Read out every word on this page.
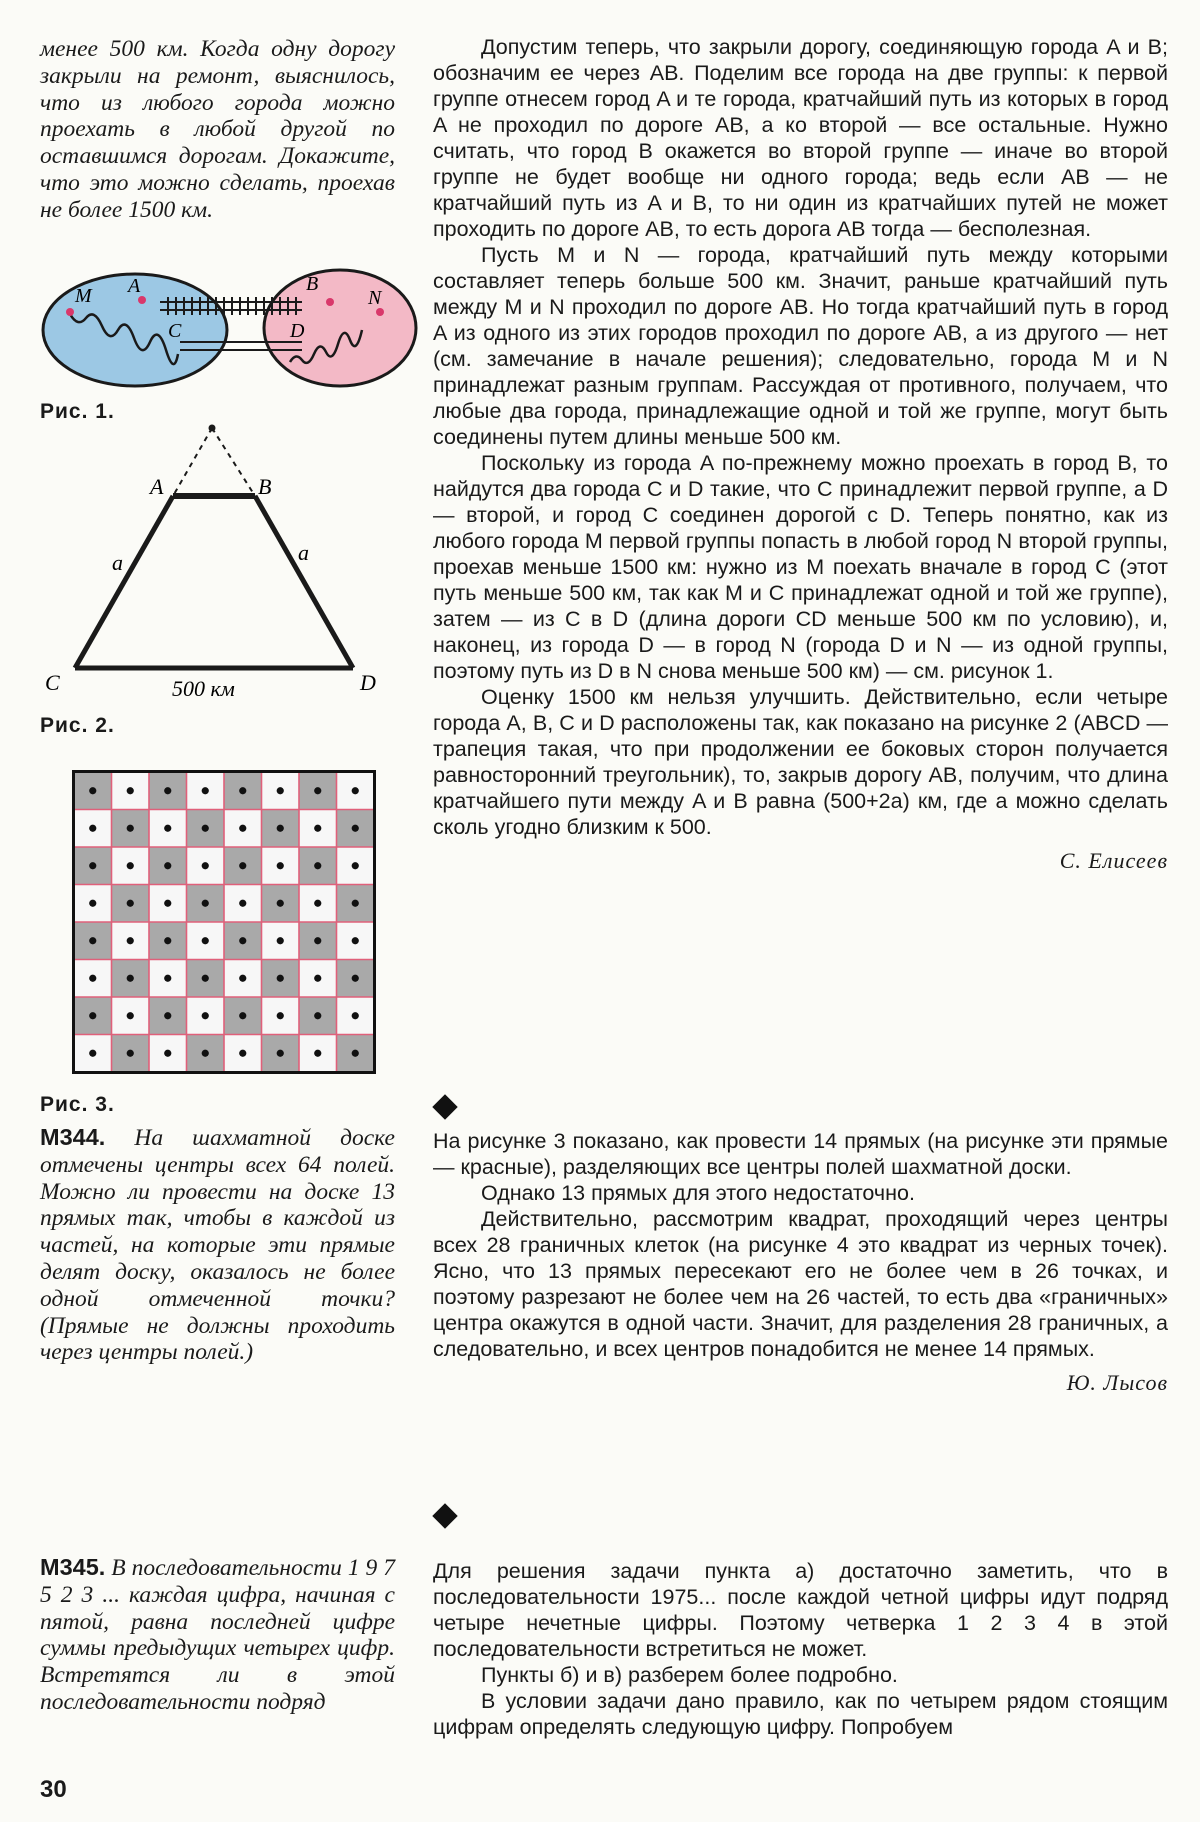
менее 500 км. Когда одну дорогу закрыли на ремонт, выяснилось, что из любого города можно проехать в любой другой по оставшимся дорогам. Докажите, что это можно сделать, проехав не более 1500 км.

M A
C
B
D
N
Рис. 1.
A	B
C	D
a	a
500 км
Рис. 2.
Рис. 3.

М344. На шахматной доске отмечены центры всех 64 полей. Можно ли провести на доске 13 прямых так, чтобы в каждой из частей, на которые эти прямые делят доску, оказалось не более одной отмеченной точки? (Прямые не должны проходить через центры полей.)

М345. В последовательности 1 9 7 5 2 3 ... каждая цифра, начиная с пятой, равна последней цифре суммы предыдущих четырех цифр. Встретятся ли в этой последовательности подряд

Допустим теперь, что закрыли дорогу, соединяющую города A и B; обозначим ее через AB. Поделим все города на две группы: к первой группе отнесем город A и те города, кратчайший путь из которых в город A не проходил по дороге AB, а ко второй — все остальные. Нужно считать, что город B окажется во второй группе — иначе во второй группе не будет вообще ни одного города; ведь если AB — не кратчайший путь из A и B, то ни один из кратчайших путей не может проходить по дороге AB, то есть дорога AB тогда — бесполезная.

Пусть M и N — города, кратчайший путь между которыми составляет теперь больше 500 км. Значит, раньше кратчайший путь между M и N проходил по дороге AB. Но тогда кратчайший путь в город A из одного из этих городов проходил по дороге AB, а из другого — нет (см. замечание в начале решения); следовательно, города M и N принадлежат разным группам. Рассуждая от противного, получаем, что любые два города, принадлежащие одной и той же группе, могут быть соединены путем длины меньше 500 км.

Поскольку из города A по-прежнему можно проехать в город B, то найдутся два города C и D такие, что C принадлежит первой группе, а D — второй, и город C соединен дорогой с D. Теперь понятно, как из любого города M первой группы попасть в любой город N второй группы, проехав меньше 1500 км: нужно из M поехать вначале в город C (этот путь меньше 500 км, так как M и C принадлежат одной и той же группе), затем — из C в D (длина дороги CD меньше 500 км по условию), и, наконец, из города D — в город N (города D и N — из одной группы, поэтому путь из D в N снова меньше 500 км) — см. рисунок 1.

Оценку 1500 км нельзя улучшить. Действительно, если четыре города A, B, C и D расположены так, как показано на рисунке 2 (ABCD — трапеция такая, что при продолжении ее боковых сторон получается равносторонний треугольник), то, закрыв дорогу AB, получим, что длина кратчайшего пути между A и B равна (500+2a) км, где a можно сделать сколь угодно близким к 500.

С. Елисеев

На рисунке 3 показано, как провести 14 прямых (на рисунке эти прямые — красные), разделяющих все центры полей шахматной доски.

Однако 13 прямых для этого недостаточно.

Действительно, рассмотрим квадрат, проходящий через центры всех 28 граничных клеток (на рисунке 4 это квадрат из черных точек). Ясно, что 13 прямых пересекают его не более чем в 26 точках, и поэтому разрезают не более чем на 26 частей, то есть два «граничных» центра окажутся в одной части. Значит, для разделения 28 граничных, а следовательно, и всех центров понадобится не менее 14 прямых.

Ю. Лысов

Для решения задачи пункта а) достаточно заметить, что в последовательности 1975... после каждой четной цифры идут подряд четыре нечетные цифры. Поэтому четверка 1 2 3 4 в этой последовательности встретиться не может.

Пункты б) и в) разберем более подробно.

В условии задачи дано правило, как по четырем рядом стоящим цифрам определять следующую цифру. Попробуем

30
